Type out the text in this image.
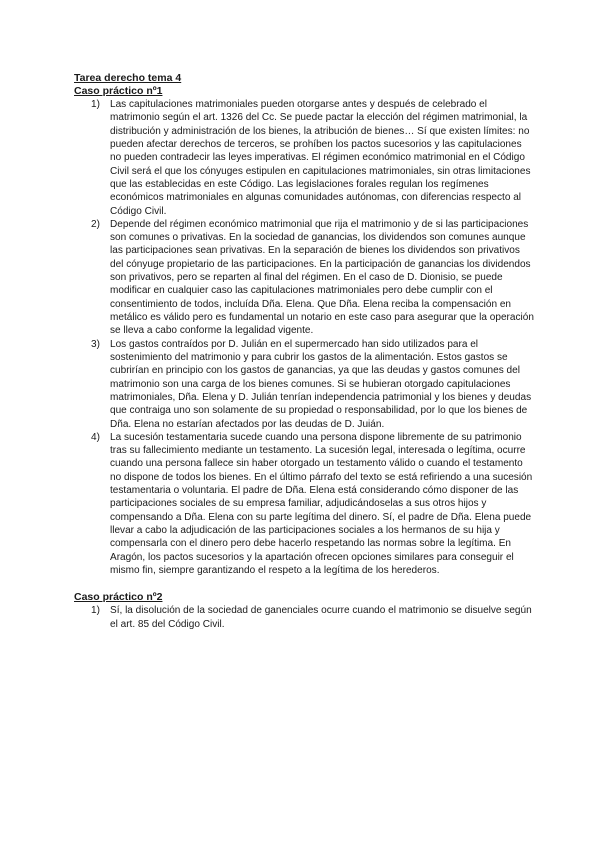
Tarea derecho tema 4
Caso práctico nº1
1) Las capitulaciones matrimoniales pueden otorgarse antes y después de celebrado el matrimonio según el art. 1326 del Cc. Se puede pactar la elección del régimen matrimonial, la distribución y administración de los bienes, la atribución de bienes… Sí que existen límites: no pueden afectar derechos de terceros, se prohíben los pactos sucesorios y las capitulaciones no pueden contradecir las leyes imperativas. El régimen económico matrimonial en el Código Civil será el que los cónyuges estipulen en capitulaciones matrimoniales, sin otras limitaciones que las establecidas en este Código. Las legislaciones forales regulan los regímenes económicos matrimoniales en algunas comunidades autónomas, con diferencias respecto al Código Civil.
2) Depende del régimen económico matrimonial que rija el matrimonio y de si las participaciones son comunes o privativas. En la sociedad de ganancias, los dividendos son comunes aunque las participaciones sean privativas. En la separación de bienes los dividendos son privativos del cónyuge propietario de las participaciones. En la participación de ganancias los dividendos son privativos, pero se reparten al final del régimen. En el caso de D. Dionisio, se puede modificar en cualquier caso las capitulaciones matrimoniales pero debe cumplir con el consentimiento de todos, incluída Dña. Elena. Que Dña. Elena reciba la compensación en metálico es válido pero es fundamental un notario en este caso para asegurar que la operación se lleva a cabo conforme la legalidad vigente.
3) Los gastos contraídos por D. Julián en el supermercado han sido utilizados para el sostenimiento del matrimonio y para cubrir los gastos de la alimentación. Estos gastos se cubrirían en principio con los gastos de ganancias, ya que las deudas y gastos comunes del matrimonio son una carga de los bienes comunes. Si se hubieran otorgado capitulaciones matrimoniales, Dña. Elena y D. Julián tenrían independencia patrimonial y los bienes y deudas que contraiga uno son solamente de su propiedad o responsabilidad, por lo que los bienes de Dña. Elena no estarían afectados por las deudas de D. Juián.
4) La sucesión testamentaria sucede cuando una persona dispone libremente de su patrimonio tras su fallecimiento mediante un testamento. La sucesión legal, interesada o legítima, ocurre cuando una persona fallece sin haber otorgado un testamento válido o cuando el testamento no dispone de todos los bienes. En el último párrafo del texto se está refiriendo a una sucesión testamentaria o voluntaria. El padre de Dña. Elena está considerando cómo disponer de las participaciones sociales de su empresa familiar, adjudicándoselas a sus otros hijos y compensando a Dña. Elena con su parte legítima del dinero. Sí, el padre de Dña. Elena puede llevar a cabo la adjudicación de las participaciones sociales a los hermanos de su hija y compensarla con el dinero pero debe hacerlo respetando las normas sobre la legítima. En Aragón, los pactos sucesorios y la apartación ofrecen opciones similares para conseguir el mismo fin, siempre garantizando el respeto a la legítima de los herederos.
Caso práctico nº2
1) Sí, la disolución de la sociedad de ganenciales ocurre cuando el matrimonio se disuelve según el art. 85 del Código Civil.
